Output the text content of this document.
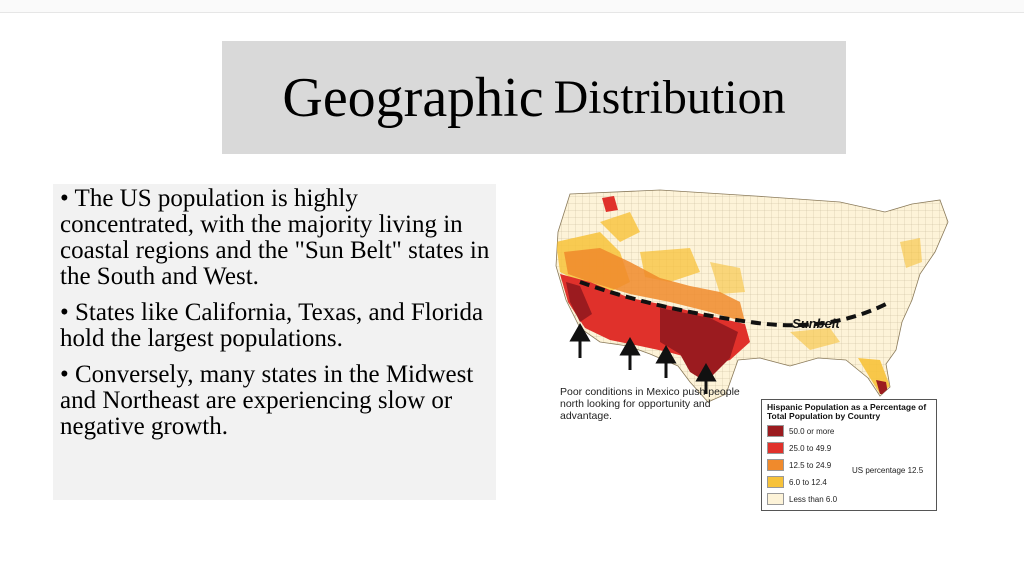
Geographic Distribution
• The US population is highly concentrated, with the majority living in coastal regions and the "Sun Belt" states in the South and West.
• States like California, Texas, and Florida hold the largest populations.
• Conversely, many states in the Midwest and Northeast are experiencing slow or negative growth.
Sunbelt
Poor conditions in Mexico push people north looking for opportunity and advantage.
Hispanic Population as a Percentage of Total Population by Country
50.0 or more
25.0 to 49.9
12.5 to 24.9
6.0 to 12.4
Less than 6.0
US percentage 12.5
